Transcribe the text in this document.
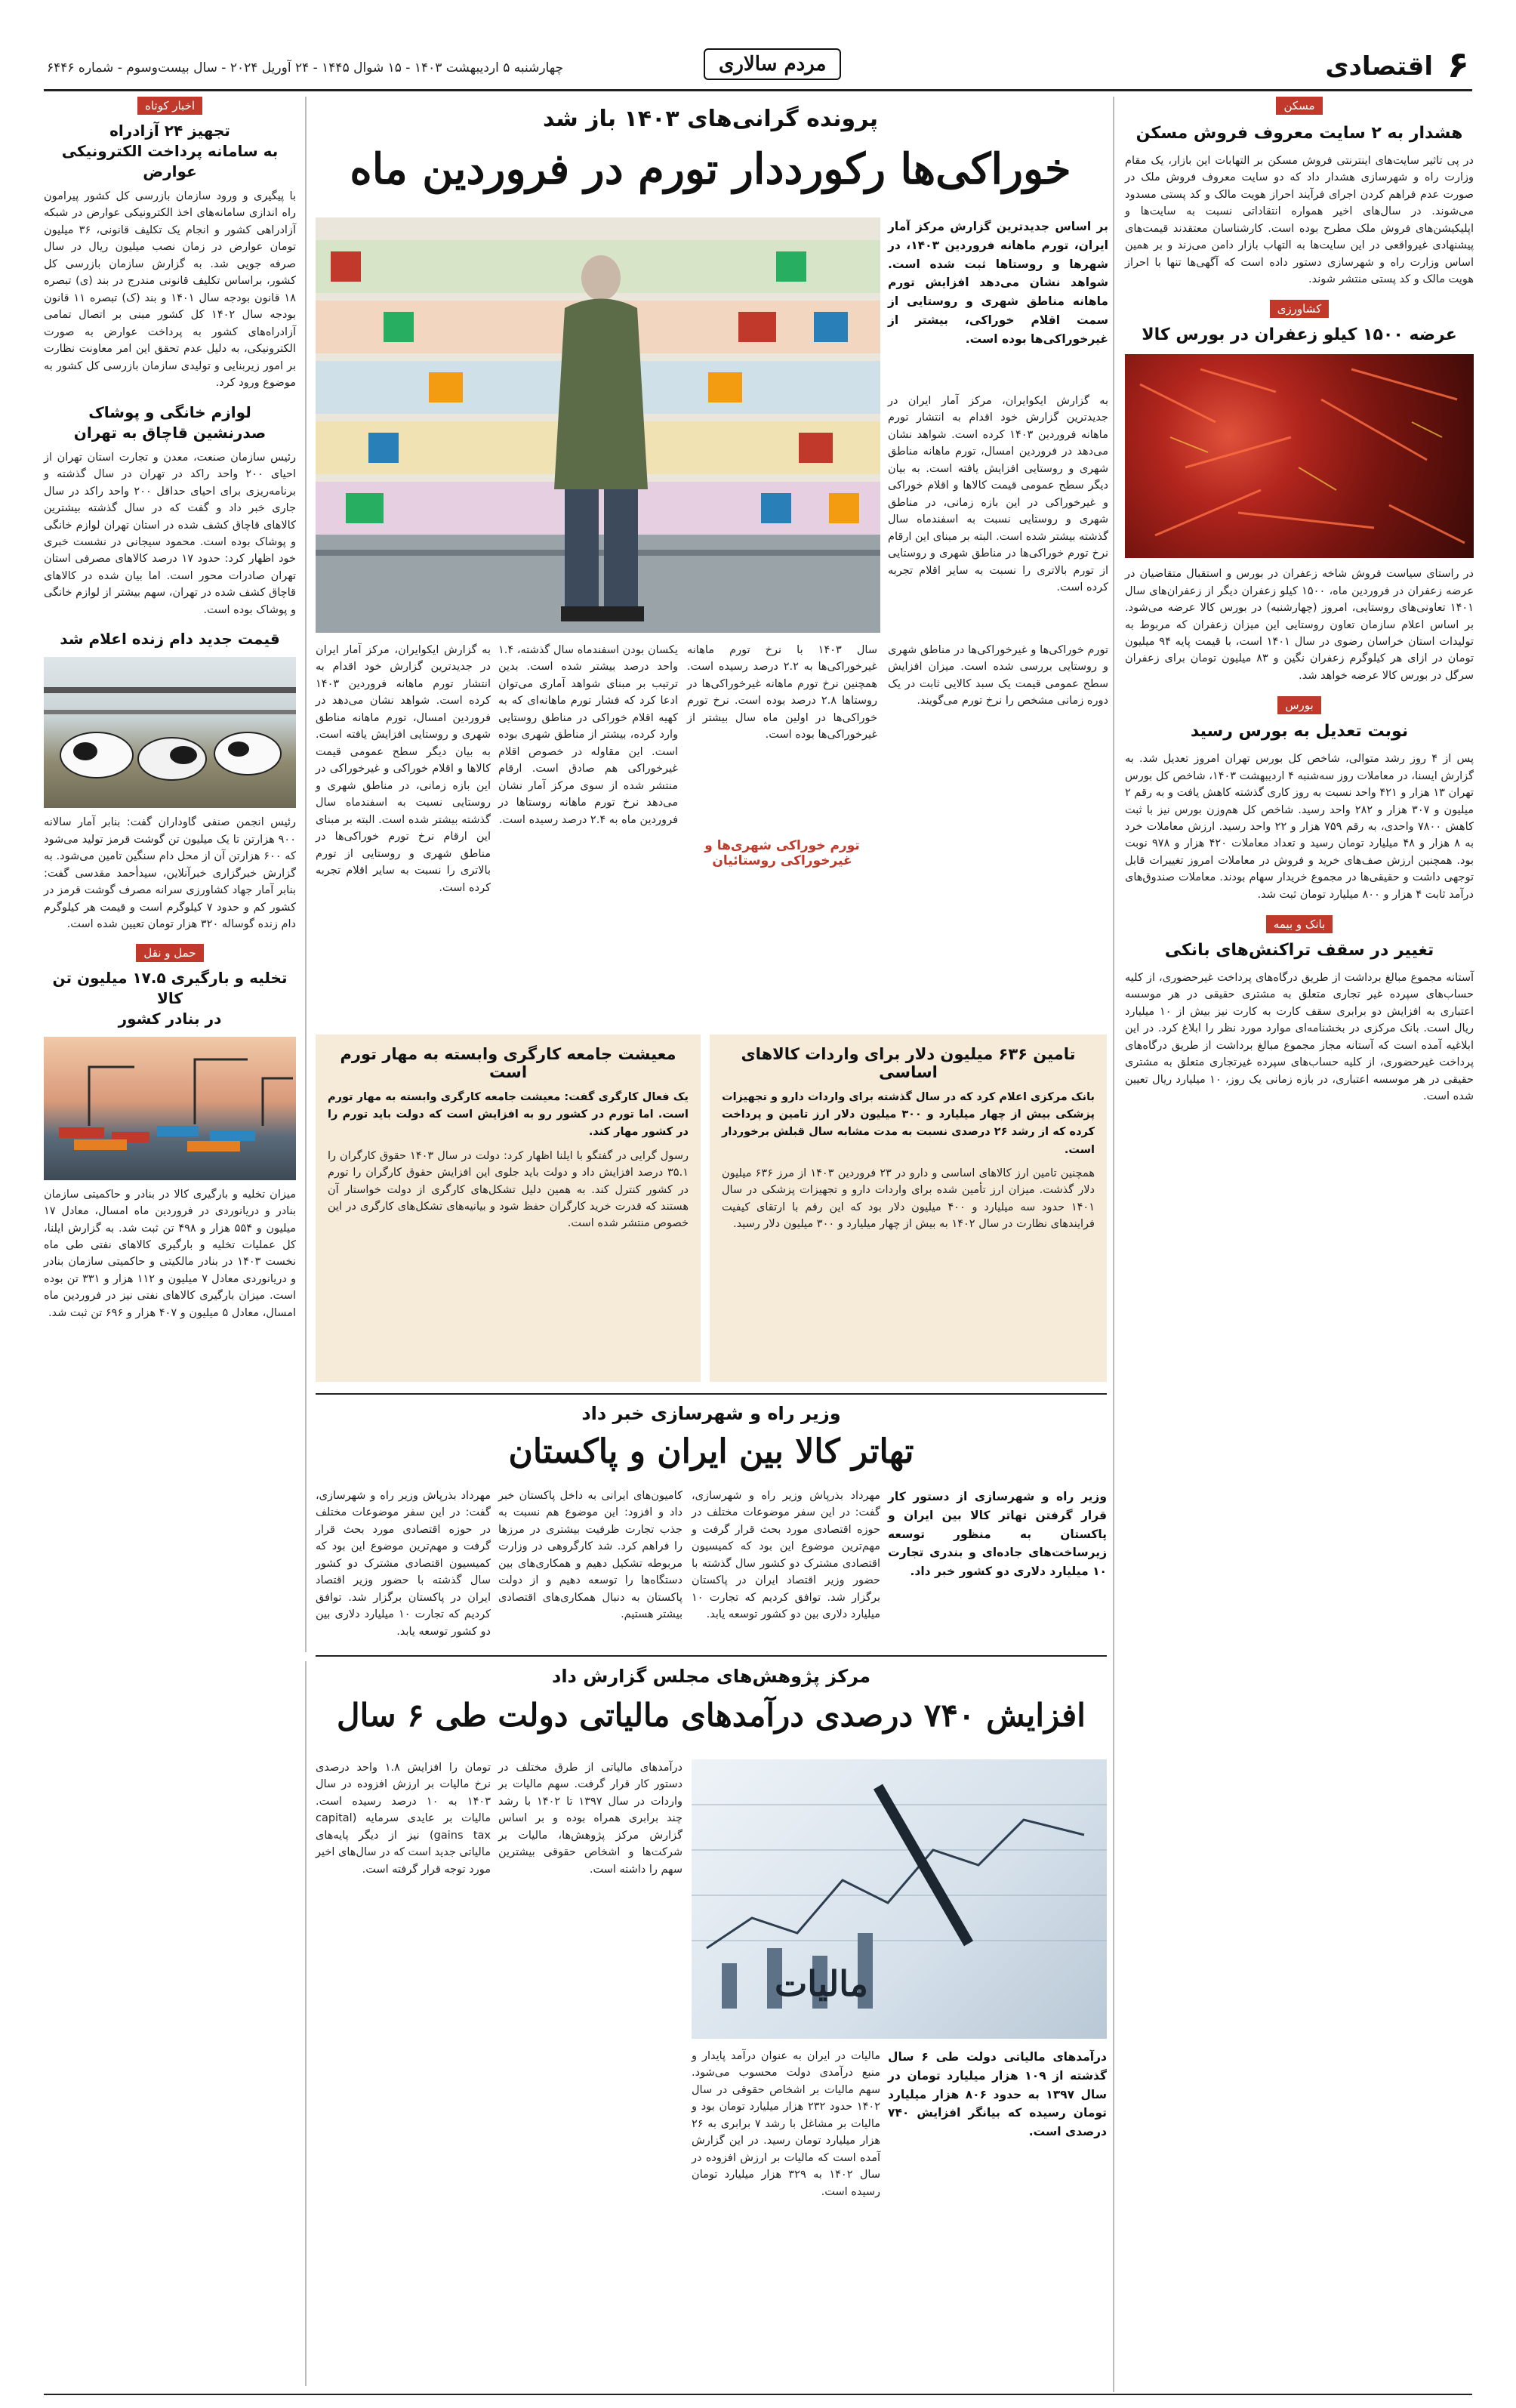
۶
اقتصادی
مردم سالاری
چهارشنبه ۵ اردیبهشت ۱۴۰۳ - ۱۵ شوال ۱۴۴۵ - ۲۴ آوریل ۲۰۲۴ - سال بیست‌وسوم - شماره ۶۴۴۶
مسکن
هشدار به ۲ سایت معروف فروش مسکن
در پی تاثیر سایت‌های اینترنتی فروش مسکن بر التهابات این بازار، یک مقام وزارت راه و شهرسازی هشدار داد که دو سایت معروف فروش ملک در صورت عدم فراهم کردن اجرای فرآیند احراز هویت مالک و کد پستی مسدود می‌شوند. در سال‌های اخیر همواره انتقاداتی نسبت به سایت‌ها و اپلیکیشن‌های فروش ملک مطرح بوده است. کارشناسان معتقدند قیمت‌های پیشنهادی غیرواقعی در این سایت‌ها به التهاب بازار دامن می‌زند و بر همین اساس وزارت راه و شهرسازی دستور داده است که آگهی‌ها تنها با احراز هویت مالک و کد پستی منتشر شوند.
کشاورزی
عرضه ۱۵۰۰ کیلو زعفران در بورس کالا
در راستای سیاست فروش شاخه زعفران در بورس و استقبال متقاضیان در عرضه زعفران در فروردین ماه، ۱۵۰۰ کیلو زعفران دیگر از زعفران‌های سال ۱۴۰۱ تعاونی‌های روستایی، امروز (چهارشنبه) در بورس کالا عرضه می‌شود. بر اساس اعلام سازمان تعاون روستایی این میزان زعفران که مربوط به تولیدات استان خراسان رضوی در سال ۱۴۰۱ است، با قیمت پایه ۹۴ میلیون تومان در ازای هر کیلوگرم زعفران نگین و ۸۳ میلیون تومان برای زعفران سرگل در بورس کالا عرضه خواهد شد.
بورس
نوبت تعدیل به بورس رسید
پس از ۴ روز رشد متوالی، شاخص کل بورس تهران امروز تعدیل شد. به گزارش ایسنا، در معاملات روز سه‌شنبه ۴ اردیبهشت ۱۴۰۳، شاخص کل بورس تهران ۱۳ هزار و ۴۲۱ واحد نسبت به روز کاری گذشته کاهش یافت و به رقم ۲ میلیون و ۳۰۷ هزار و ۲۸۲ واحد رسید. شاخص کل هم‌وزن بورس نیز با ثبت کاهش ۷۸۰۰ واحدی، به رقم ۷۵۹ هزار و ۲۲ واحد رسید. ارزش معاملات خرد به ۸ هزار و ۴۸ میلیارد تومان رسید و تعداد معاملات ۴۲۰ هزار و ۹۷۸ نوبت بود. همچنین ارزش صف‌های خرید و فروش در معاملات امروز تغییرات قابل توجهی داشت و حقیقی‌ها در مجموع خریدار سهام بودند. معاملات صندوق‌های درآمد ثابت ۴ هزار و ۸۰۰ میلیارد تومان ثبت شد.
بانک و بیمه
تغییر در سقف تراکنش‌های بانکی
آستانه مجموع مبالغ برداشت از طریق درگاه‌های پرداخت غیرحضوری، از کلیه حساب‌های سپرده غیر تجاری متعلق به مشتری حقیقی در هر موسسه اعتباری به افزایش دو برابری سقف کارت به کارت نیز بیش از ۱۰ میلیارد ریال است. بانک مرکزی در بخشنامه‌ای موارد مورد نظر را ابلاغ کرد. در این ابلاغیه آمده است که آستانه مجاز مجموع مبالغ برداشت از طریق درگاه‌های پرداخت غیرحضوری، از کلیه حساب‌های سپرده غیرتجاری متعلق به مشتری حقیقی در هر موسسه اعتباری، در بازه زمانی یک روز، ۱۰ میلیارد ریال تعیین شده است.
اخبار کوتاه
تجهیز ۲۴ آزادراه
به سامانه پرداخت الکترونیکی عوارض
با پیگیری و ورود سازمان بازرسی کل کشور پیرامون راه اندازی سامانه‌های اخذ الکترونیکی عوارض در شبکه آزادراهی کشور و انجام یک تکلیف قانونی، ۳۶ میلیون تومان عوارض در زمان نصب میلیون ریال در سال صرفه جویی شد. به گزارش سازمان بازرسی کل کشور، براساس تکلیف قانونی مندرج در بند (ی) تبصره ۱۸ قانون بودجه سال ۱۴۰۱ و بند (ک) تبصره ۱۱ قانون بودجه سال ۱۴۰۲ کل کشور مبنی بر اتصال تمامی آزادراه‌های کشور به پرداخت عوارض به صورت الکترونیکی، به دلیل عدم تحقق این امر معاونت نظارت بر امور زیربنایی و تولیدی سازمان بازرسی کل کشور به موضوع ورود کرد.
لوازم خانگی و پوشاک
صدرنشین قاچاق به تهران
رئیس سازمان صنعت، معدن و تجارت استان تهران از احیای ۲۰۰ واحد راکد در تهران در سال گذشته و برنامه‌ریزی برای احیای حداقل ۲۰۰ واحد راکد در سال جاری خبر داد و گفت که در سال گذشته بیشترین کالاهای قاچاق کشف شده در استان تهران لوازم خانگی و پوشاک بوده است. محمود سیجانی در نشست خبری خود اظهار کرد: حدود ۱۷ درصد کالاهای مصرفی استان تهران صادرات محور است. اما بیان شده در کالاهای قاچاق کشف شده در تهران، سهم بیشتر از لوازم خانگی و پوشاک بوده است.
قیمت جدید دام زنده اعلام شد
رئیس انجمن صنفی گاوداران گفت: بنابر آمار سالانه ۹۰۰ هزارتن تا یک میلیون تن گوشت قرمز تولید می‌شود که ۶۰۰ هزارتن آن از محل دام سنگین تامین می‌شود. به گزارش خبرگزاری خبرآنلاین، سیدأحمد مقدسی گفت: بنابر آمار جهاد کشاورزی سرانه مصرف گوشت قرمز در کشور کم و حدود ۷ کیلوگرم است و قیمت هر کیلوگرم دام زنده گوساله ۳۲۰ هزار تومان تعیین شده است.
حمل و نقل
تخلیه و بارگیری ۱۷.۵ میلیون تن کالا
در بنادر کشور
میزان تخلیه و بارگیری کالا در بنادر و حاکمیتی سازمان بنادر و دریانوردی در فروردین ماه امسال، معادل ۱۷ میلیون و ۵۵۴ هزار و ۴۹۸ تن ثبت شد. به گزارش ایلنا، کل عملیات تخلیه و بارگیری کالاهای نفتی طی ماه نخست ۱۴۰۳ در بنادر مالکیتی و حاکمیتی سازمان بنادر و دریانوردی معادل ۷ میلیون و ۱۱۲ هزار و ۳۳۱ تن بوده است. میزان بارگیری کالاهای نفتی نیز در فروردین ماه امسال، معادل ۵ میلیون و ۴۰۷ هزار و ۶۹۶ تن ثبت شد.
پرونده گرانی‌های ۱۴۰۳ باز شد
خوراکی‌ها رکورددار تورم در فروردین ماه
بر اساس جدیدترین گزارش مرکز آمار ایران، تورم ماهانه فروردین ۱۴۰۳، در شهرها و روستاها ثبت شده است. شواهد نشان می‌دهد افزایش تورم ماهانه مناطق شهری و روستایی از سمت اقلام خوراکی، بیشتر از غیرخوراکی‌ها بوده است.
به گزارش ایکوایران، مرکز آمار ایران در جدیدترین گزارش خود اقدام به انتشار تورم ماهانه فروردین ۱۴۰۳ کرده است. شواهد نشان می‌دهد در فروردین امسال، تورم ماهانه مناطق شهری و روستایی افزایش یافته است. به بیان دیگر سطح عمومی قیمت کالاها و اقلام خوراکی و غیرخوراکی در این بازه زمانی، در مناطق شهری و روستایی نسبت به اسفندماه سال گذشته بیشتر شده است. البته بر مبنای این ارقام نرخ تورم خوراکی‌ها در مناطق شهری و روستایی از تورم بالاتری را نسبت به سایر اقلام تجربه کرده است.
تورم خوراکی‌ها و غیرخوراکی‌ها در مناطق شهری و روستایی بررسی شده است. میزان افزایش سطح عمومی قیمت یک سبد کالایی ثابت در یک دوره زمانی مشخص را نرخ تورم می‌گویند.
سال ۱۴۰۳ با نرخ تورم ماهانه غیرخوراکی‌ها به ۲.۲ درصد رسیده است. همچنین نرخ تورم ماهانه غیرخوراکی‌ها در روستاها ۲.۸ درصد بوده است. نرخ تورم خوراکی‌ها در اولین ماه سال بیشتر از غیرخوراکی‌ها بوده است.
تورم خوراکی شهری‌ها و غیرخوراکی روستائیان
یکسان بودن اسفندماه سال گذشته، ۱.۴ واحد درصد بیشتر شده است. بدین ترتیب بر مبنای شواهد آماری می‌توان ادعا کرد که فشار تورم ماهانه‌ای که به کهیه اقلام خوراکی در مناطق روستایی وارد کرده، بیشتر از مناطق شهری بوده است. این مقاوله در خصوص اقلام غیرخوراکی هم صادق است. ارقام منتشر شده از سوی مرکز آمار نشان می‌دهد نرخ تورم ماهانه روستاها در فروردین ماه به ۲.۴ درصد رسیده است.
به گزارش ایکوایران، مرکز آمار ایران در جدیدترین گزارش خود اقدام به انتشار تورم ماهانه فروردین ۱۴۰۳ کرده است. شواهد نشان می‌دهد در فروردین امسال، تورم ماهانه مناطق شهری و روستایی افزایش یافته است. به بیان دیگر سطح عمومی قیمت کالاها و اقلام خوراکی و غیرخوراکی در این بازه زمانی، در مناطق شهری و روستایی نسبت به اسفندماه سال گذشته بیشتر شده است. البته بر مبنای این ارقام نرخ تورم خوراکی‌ها در مناطق شهری و روستایی از تورم بالاتری را نسبت به سایر اقلام تجربه کرده است.
معیشت جامعه کارگری وابسته به مهار تورم است
یک فعال کارگری گفت: معیشت جامعه کارگری وابسته به مهار تورم است. اما تورم در کشور رو به افزایش است که دولت باید تورم را در کشور مهار کند.
رسول گرایی در گفتگو با ایلنا اظهار کرد: دولت در سال ۱۴۰۳ حقوق کارگران را ۳۵.۱ درصد افزایش داد و دولت باید جلوی این افزایش حقوق کارگران را تورم در کشور کنترل کند. به همین دلیل تشکل‌های کارگری از دولت خواستار آن هستند که قدرت خرید کارگران حفظ شود و بیانیه‌های تشکل‌های کارگری در این خصوص منتشر شده است.
تامین ۶۳۶ میلیون دلار برای واردات کالاهای اساسی
بانک مرکزی اعلام کرد که در سال گذشته برای واردات دارو و تجهیزات پزشکی بیش از چهار میلیارد و ۳۰۰ میلیون دلار ارز تامین و پرداخت کرده که از رشد ۲۶ درصدی نسبت به مدت مشابه سال قبلش برخوردار است.
همچنین تامین ارز کالاهای اساسی و دارو در ۲۳ فروردین ۱۴۰۳ از مرز ۶۳۶ میلیون دلار گذشت. میزان ارز تأمین شده برای واردات دارو و تجهیزات پزشکی در سال ۱۴۰۱ حدود سه میلیارد و ۴۰۰ میلیون دلار بود که این رقم با ارتقای کیفیت فرایندهای نظارت در سال ۱۴۰۲ به بیش از چهار میلیارد و ۳۰۰ میلیون دلار رسید.
وزیر راه و شهرسازی خبر داد
تهاتر کالا بین ایران و پاکستان
وزیر راه و شهرسازی از دستور کار قرار گرفتن تهاتر کالا بین ایران و پاکستان به منظور توسعه زیرساخت‌های جاده‌ای و بندری تجارت ۱۰ میلیارد دلاری دو کشور خبر داد.
مهرداد بذرپاش وزیر راه و شهرسازی، گفت: در این سفر موضوعات مختلف در حوزه اقتصادی مورد بحث قرار گرفت و مهم‌ترین موضوع این بود که کمیسیون اقتصادی مشترک دو کشور سال گذشته با حضور وزیر اقتصاد ایران در پاکستان برگزار شد. توافق کردیم که تجارت ۱۰ میلیارد دلاری بین دو کشور توسعه یابد.
کامیون‌های ایرانی به داخل پاکستان خبر داد و افزود: این موضوع هم نسبت به جذب تجارت ظرفیت بیشتری در مرزها را فراهم کرد. شد کارگروهی در وزارت مربوطه تشکیل دهیم و همکاری‌های بین دستگاه‌ها را توسعه دهیم و از دولت پاکستان به دنبال همکاری‌های اقتصادی بیشتر هستیم.
مهرداد بذرپاش وزیر راه و شهرسازی، گفت: در این سفر موضوعات مختلف در حوزه اقتصادی مورد بحث قرار گرفت و مهم‌ترین موضوع این بود که کمیسیون اقتصادی مشترک دو کشور سال گذشته با حضور وزیر اقتصاد ایران در پاکستان برگزار شد. توافق کردیم که تجارت ۱۰ میلیارد دلاری بین دو کشور توسعه یابد.
مرکز پژوهش‌های مجلس گزارش داد
افزایش ۷۴۰ درصدی درآمدهای مالیاتی دولت طی ۶ سال
مالیات
درآمدهای مالیاتی دولت طی ۶ سال گذشته از ۱۰۹ هزار میلیارد تومان در سال ۱۳۹۷ به حدود ۸۰۶ هزار میلیارد تومان رسیده که بیانگر افزایش ۷۴۰ درصدی است.
مالیات در ایران به عنوان درآمد پایدار و منبع درآمدی دولت محسوب می‌شود. سهم مالیات بر اشخاص حقوقی در سال ۱۴۰۲ حدود ۲۳۲ هزار میلیارد تومان بود و مالیات بر مشاغل با رشد ۷ برابری به ۲۶ هزار میلیارد تومان رسید. در این گزارش آمده است که مالیات بر ارزش افزوده در سال ۱۴۰۲ به ۳۲۹ هزار میلیارد تومان رسیده است.
درآمدهای مالیاتی از طرق مختلف در دستور کار قرار گرفت. سهم مالیات بر واردات در سال ۱۳۹۷ تا ۱۴۰۲ با رشد چند برابری همراه بوده و بر اساس گزارش مرکز پژوهش‌ها، مالیات بر شرکت‌ها و اشخاص حقوقی بیشترین سهم را داشته است.
تومان را افزایش ۱.۸ واحد درصدی نرخ مالیات بر ارزش افزوده در سال ۱۴۰۳ به ۱۰ درصد رسیده است. مالیات بر عایدی سرمایه (capital gains tax) نیز از دیگر پایه‌های مالیاتی جدید است که در سال‌های اخیر مورد توجه قرار گرفته است.
